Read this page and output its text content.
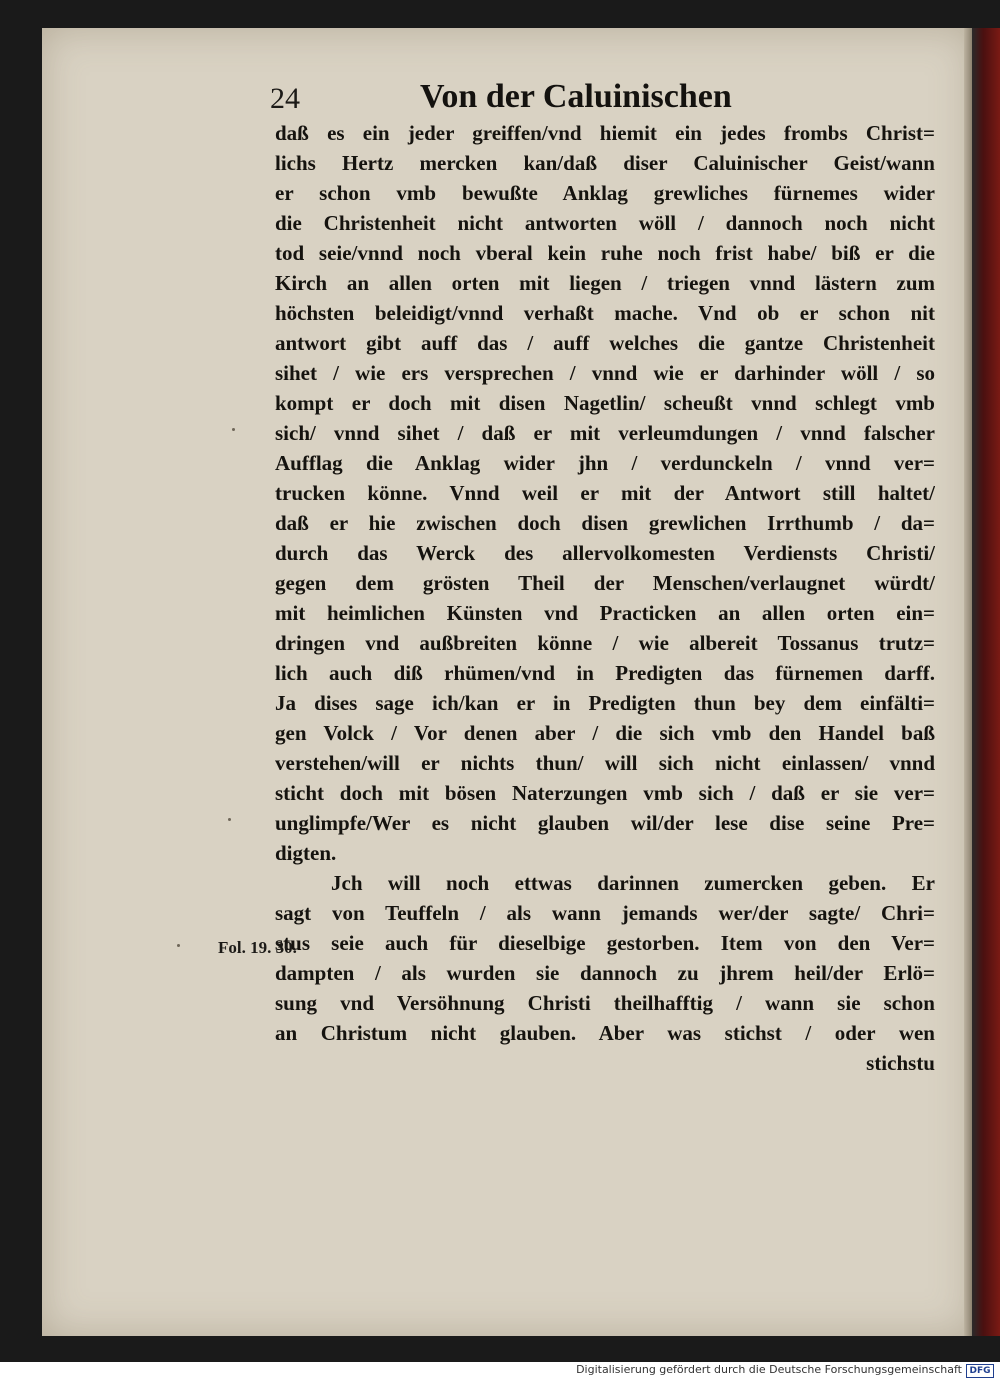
24	Von der Caluinischen
daß es ein jeder greiffen/vnd hiemit ein jedes frombs Christ=
lichs Hertz mercken kan/daß diser Caluinischer Geist/wann
er schon vmb bewußte Anklag grewliches fürnemes wider
die Christenheit nicht antworten wöll / dannoch noch nicht
tod seie/vnnd noch vberal kein ruhe noch frist habe/ biß er die
Kirch an allen orten mit liegen / triegen vnnd lästern zum
höchsten beleidigt/vnnd verhaßt mache. Vnd ob er schon nit
antwort gibt auff das / auff welches die gantze Christenheit
sihet / wie ers versprechen / vnnd wie er darhinder wöll / so
kompt er doch mit disen Nagetlin/ scheußt vnnd schlegt vmb
sich/ vnnd sihet / daß er mit verleumdungen / vnnd falscher
Aufflag die Anklag wider jhn / verdunckeln / vnnd ver=
trucken könne. Vnnd weil er mit der Antwort still haltet/
daß er hie zwischen doch disen grewlichen Irrthumb / da=
durch das Werck des allervolkomesten Verdiensts Christi/
gegen dem grösten Theil der Menschen/verlaugnet würdt/
mit heimlichen Künsten vnd Practicken an allen orten ein=
dringen vnd außbreiten könne / wie albereit Tossanus trutz=
lich auch diß rhümen/vnd in Predigten das fürnemen darff.
Ja dises sage ich/kan er in Predigten thun bey dem einfälti=
gen Volck / Vor denen aber / die sich vmb den Handel baß
verstehen/will er nichts thun/ will sich nicht einlassen/ vnnd
sticht doch mit bösen Naterzungen vmb sich / daß er sie ver=
unglimpfe/Wer es nicht glauben wil/der lese dise seine Pre=
digten.
Jch will noch ettwas darinnen zumercken geben. Er
sagt von Teuffeln / als wann jemands wer/der sagte/ Chri=
stus seie auch für dieselbige gestorben. Item von den Ver=
dampten / als wurden sie dannoch zu jhrem heil/der Erlö=
sung vnd Versöhnung Christi theilhafftig / wann sie schon
an Christum nicht glauben. Aber was stichst / oder wen
stichstu
Fol. 19. 30.
Digitalisierung gefördert durch die Deutsche Forschungsgemeinschaft DFG
